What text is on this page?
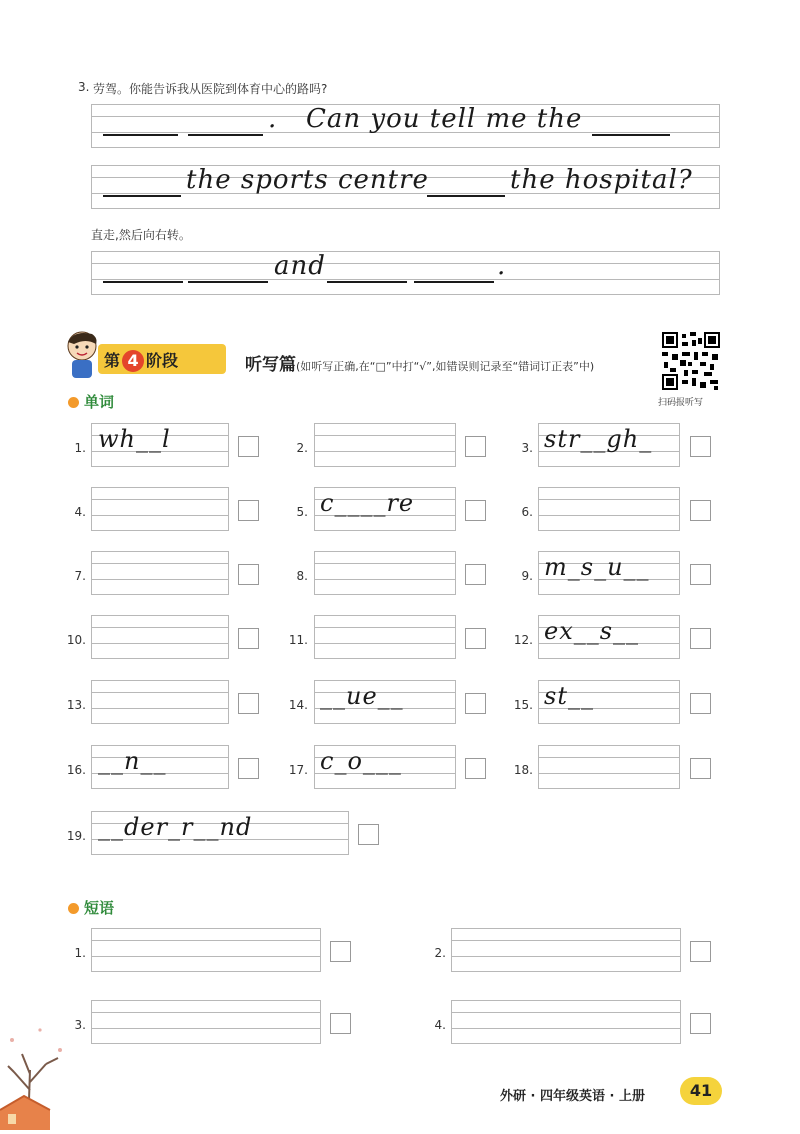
3. 劳驾。你能告诉我从医院到体育中心的路吗?
. Can you tell me the
the sports centre	the hospital?
直走,然后向右转。
and	.
第 4 阶段	听写篇(如听写正确,在“□”中打“√”,如错误则记录至“错词订正表”中)
扫码报听写
单词
1. wh__l	2.	3. str__gh_
4.	5. c____re	6.
7.	8.	9. m_s_u__
10.	11.	12. ex__s__
13.	14. __ue__	15. st__
16. __n__	17. c_o___	18.
19. __der_r__nd
短语
1.	2.
3.	4.
外研 · 四年级英语 · 上册	41
